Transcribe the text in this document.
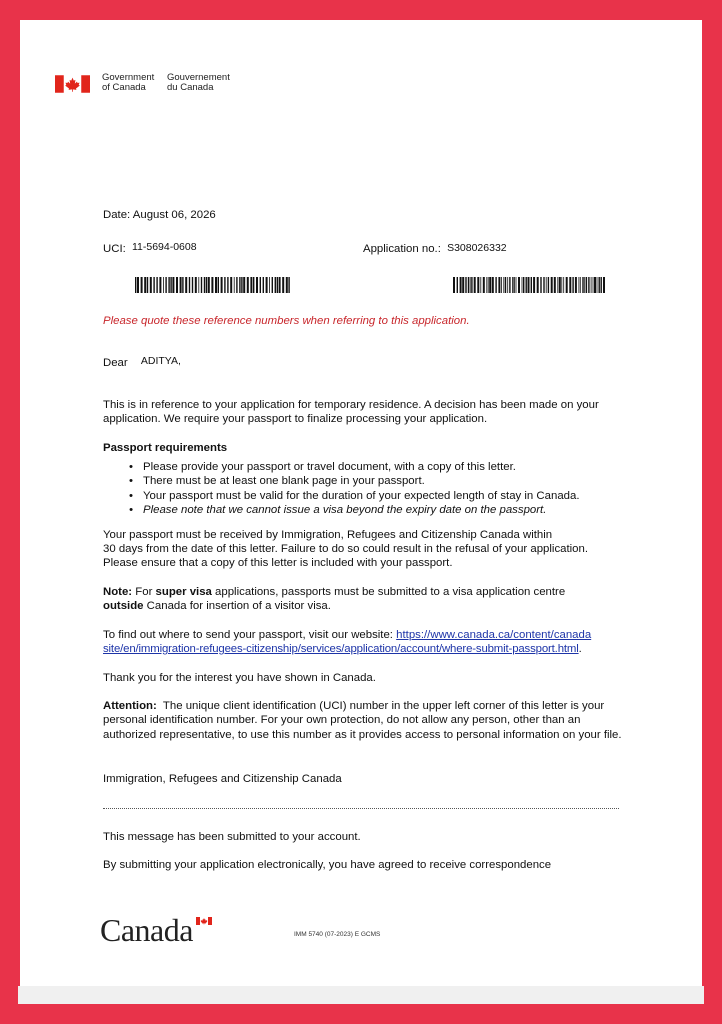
Government
of Canada
Gouvernement
du Canada
Date: August 06, 2026
UCI: 11-5694-0608	Application no.: S308026332
Please quote these reference numbers when referring to this application.
Dear ADITYA,
This is in reference to your application for temporary residence. A decision has been made on your application. We require your passport to finalize processing your application.
Passport requirements
• Please provide your passport or travel document, with a copy of this letter.
• There must be at least one blank page in your passport.
• Your passport must be valid for the duration of your expected length of stay in Canada.
• Please note that we cannot issue a visa beyond the expiry date on the passport.
Your passport must be received by Immigration, Refugees and Citizenship Canada within
30 days from the date of this letter. Failure to do so could result in the refusal of your application.
Please ensure that a copy of this letter is included with your passport.
Note: For super visa applications, passports must be submitted to a visa application centre
outside Canada for insertion of a visitor visa.
To find out where to send your passport, visit our website: https://www.canada.ca/content/canada
site/en/immigration-refugees-citizenship/services/application/account/where-submit-passport.html.
Thank you for the interest you have shown in Canada.
Attention:  The unique client identification (UCI) number in the upper left corner of this letter is your personal identification number. For your own protection, do not allow any person, other than an authorized representative, to use this number as it provides access to personal information on your file.
Immigration, Refugees and Citizenship Canada
This message has been submitted to your account.
By submitting your application electronically, you have agreed to receive correspondence
Canada	IMM 5740 (07-2023) E GCMS
